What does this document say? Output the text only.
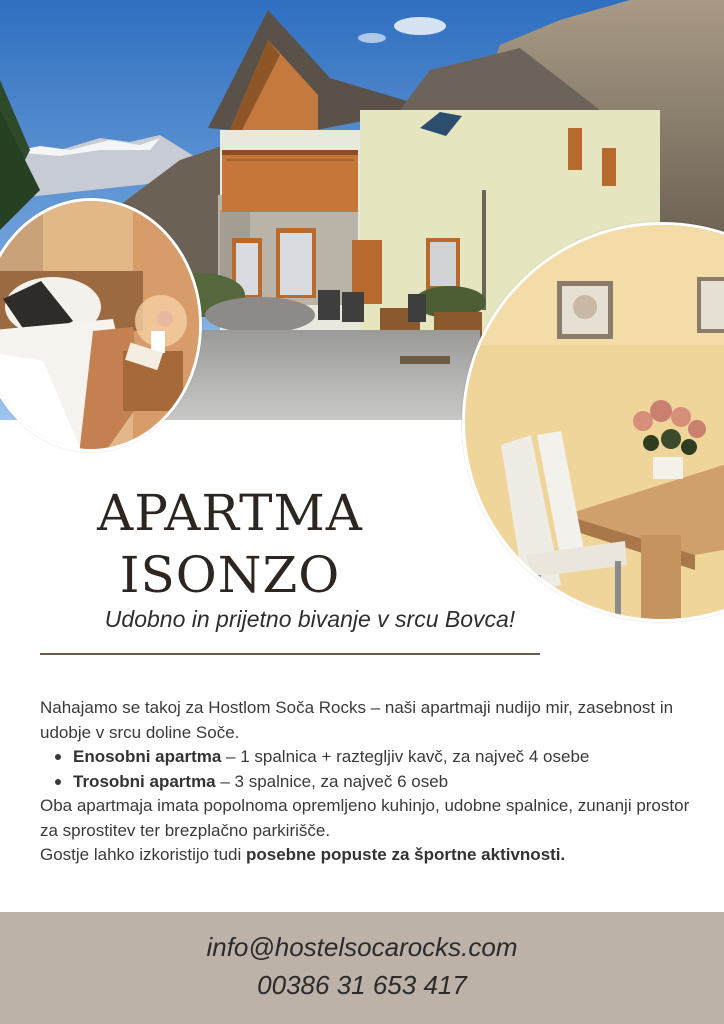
APARTMA
ISONZO
Udobno in prijetno bivanje v srcu Bovca!

Nahajamo se takoj za Hostlom Soča Rocks – naši apartmaji nudijo mir, zasebnost in udobje v srcu doline Soče.

Enosobni apartma – 1 spalnica + raztegljiv kavč, za največ 4 osebe
Trosobni apartma – 3 spalnice, za največ 6 oseb

Oba apartmaja imata popolnoma opremljeno kuhinjo, udobne spalnice, zunanji prostor za sprostitev ter brezplačno parkirišče.

Gostje lahko izkoristijo tudi posebne popuste za športne aktivnosti.

info@hostelsocarocks.com
00386 31 653 417
